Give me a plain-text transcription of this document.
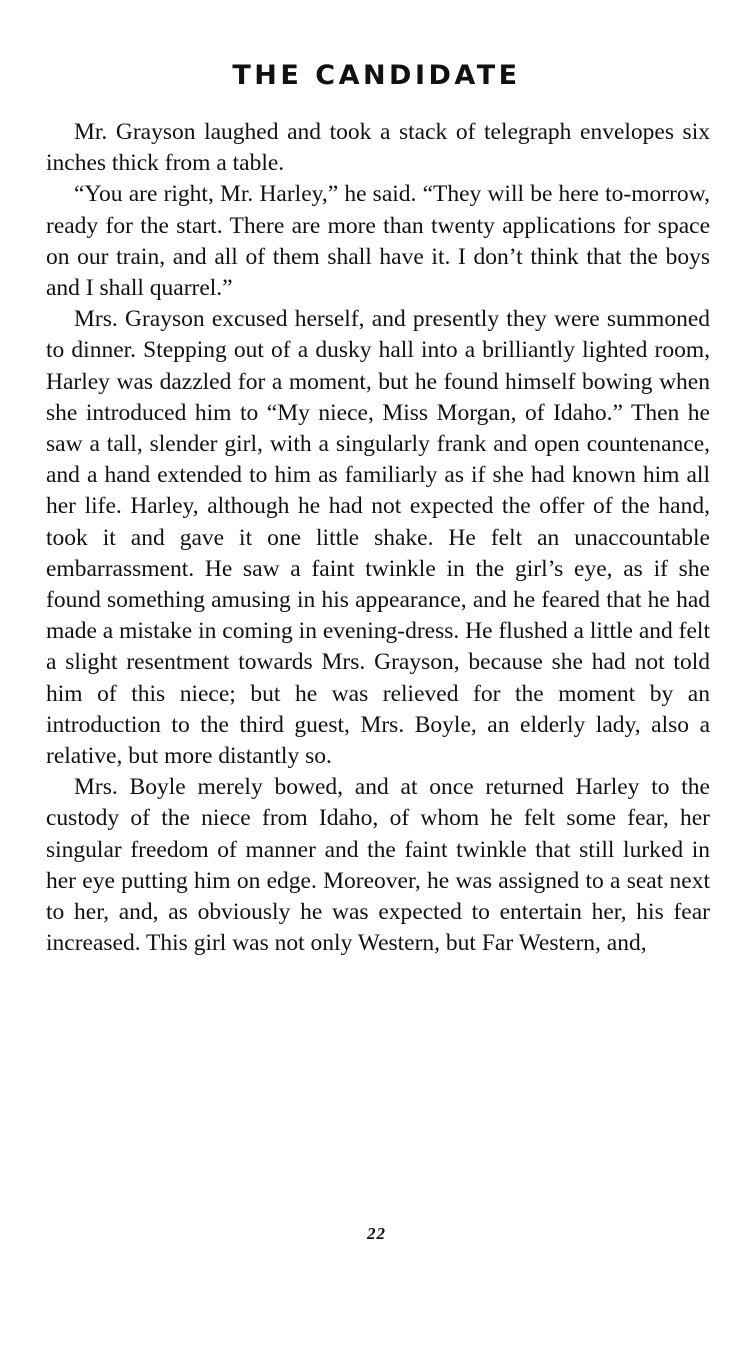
THE CANDIDATE

Mr. Grayson laughed and took a stack of telegraph envelopes six inches thick from a table.

“You are right, Mr. Harley,” he said. “They will be here to-morrow, ready for the start. There are more than twenty applications for space on our train, and all of them shall have it. I don’t think that the boys and I shall quarrel.”

Mrs. Grayson excused herself, and presently they were summoned to dinner. Stepping out of a dusky hall into a brilliantly lighted room, Harley was dazzled for a moment, but he found himself bowing when she introduced him to “My niece, Miss Morgan, of Idaho.” Then he saw a tall, slender girl, with a singularly frank and open countenance, and a hand extended to him as familiarly as if she had known him all her life. Harley, although he had not expected the offer of the hand, took it and gave it one little shake. He felt an unaccountable embarrassment. He saw a faint twinkle in the girl’s eye, as if she found something amusing in his appearance, and he feared that he had made a mistake in coming in evening-dress. He flushed a little and felt a slight resentment towards Mrs. Grayson, because she had not told him of this niece; but he was relieved for the moment by an introduction to the third guest, Mrs. Boyle, an elderly lady, also a relative, but more distantly so.

Mrs. Boyle merely bowed, and at once returned Harley to the custody of the niece from Idaho, of whom he felt some fear, her singular freedom of manner and the faint twinkle that still lurked in her eye putting him on edge. Moreover, he was assigned to a seat next to her, and, as obviously he was expected to entertain her, his fear increased. This girl was not only Western, but Far Western, and,

22
